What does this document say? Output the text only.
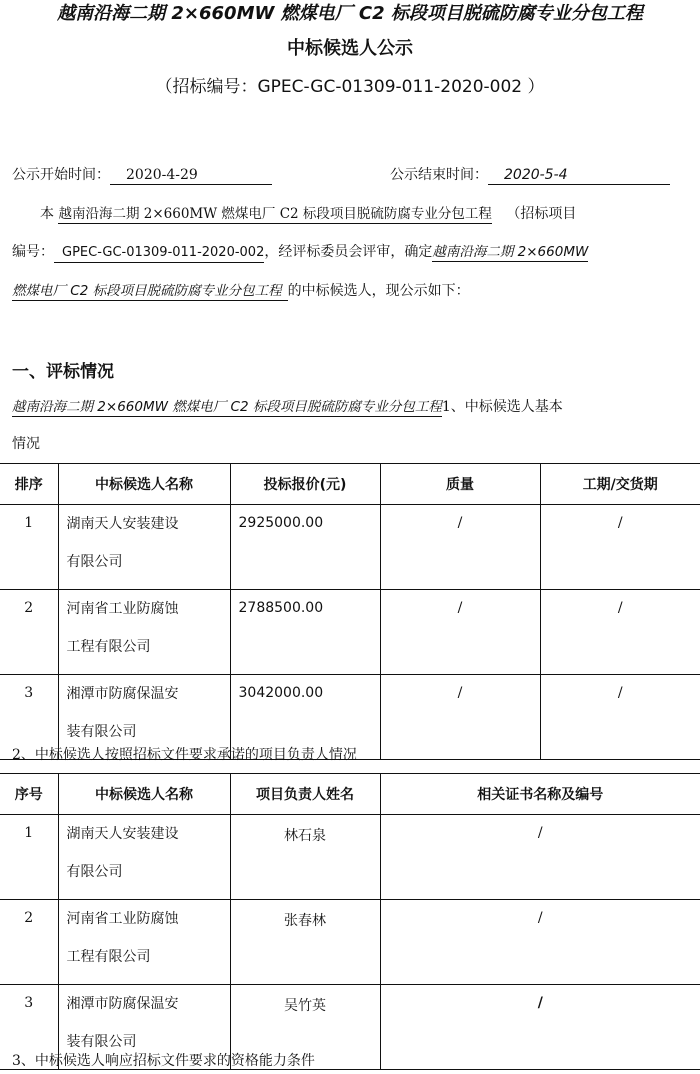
越南沿海二期 2×660MW 燃煤电厂 C2 标段项目脱硫防腐专业分包工程
中标候选人公示
（招标编号：GPEC-GC-01309-011-2020-002 ）
公示开始时间： 2020-4-29	公示结束时间： 2020-5-4
本 越南沿海二期 2×660MW 燃煤电厂 C2 标段项目脱硫防腐专业分包工程 （招标项目
编号： GPEC-GC-01309-011-2020-002，经评标委员会评审，确定越南沿海二期 2×660MW
燃煤电厂 C2 标段项目脱硫防腐专业分包工程 的中标候选人，现公示如下：
一、评标情况
越南沿海二期 2×660MW 燃煤电厂 C2 标段项目脱硫防腐专业分包工程1、中标候选人基本
情况
排序	中标候选人名称	投标报价(元)	质量	工期/交货期
1	湖南天人安装建设
有限公司	2925000.00	/	/
2	河南省工业防腐蚀
工程有限公司	2788500.00	/	/
3	湘潭市防腐保温安
装有限公司	3042000.00	/	/
2、中标候选人按照招标文件要求承诺的项目负责人情况
序号	中标候选人名称	项目负责人姓名	相关证书名称及编号
1	湖南天人安装建设
有限公司	林石泉	/
2	河南省工业防腐蚀
工程有限公司	张春林	/
3	湘潭市防腐保温安
装有限公司	吴竹英	/
3、中标候选人响应招标文件要求的资格能力条件
